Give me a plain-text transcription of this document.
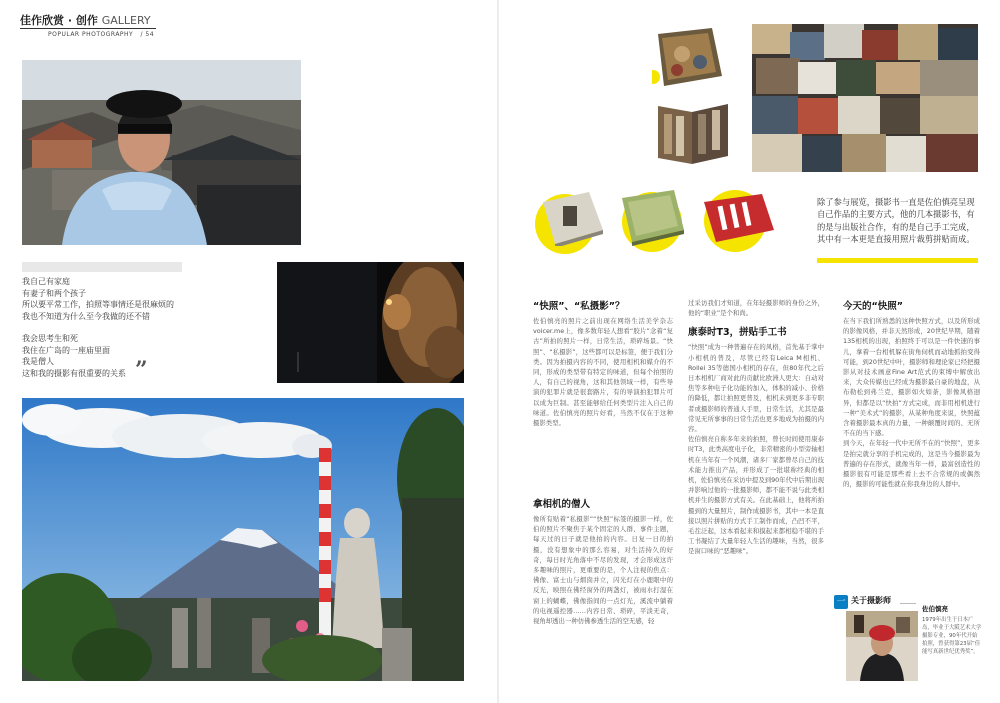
佳作欣赏 · 创作 GALLERY
POPULAR PHOTOGRAPHY / 54

我自己有家庭

有妻子和两个孩子

所以要平常工作，拍照等事情还是很麻烦的

我也不知道为什么至今我做的还不错

我会思考生和死

我住在广岛的一座庙里面

我是僧人

这和我的摄影有很重要的关系 ”
除了参与展览，摄影书一直是佐伯慎亮呈现自己作品的主要方式，他的几本摄影书，有的是与出版社合作，有的是自己手工完成，其中有一本更是直接用照片裁剪拼贴而成。
“快照”、“私摄影”？
佐伯慎亮的照片之前出现在网络生活美学杂志voicer.me上，像多数年轻人想看“胶片”念着“复古”所拍的照片一样，日常生活，琐碎场景。“快照”、“私摄影”，这些都可以是标签，便于我们分类。因为拍摄内容的不同，使用相机和媒介的不同，形成的类型带有特定的味道，但每个拍照的人，有自己的视角，这和其他领域一样，有些导演的犯罪片就是很套路片，有的导演拍犯罪片可以成为巨制。甚至能够给任何类型片注入自己的味道。佐伯慎亮的照片好看，当然不仅在于这种摄影类型。
拿相机的僧人
像所有贴着“私摄影”“快照”标签的摄影一样，佐伯的照片不聚焦于某个固定的人群、事件主题，每天过的日子就是他拍的内容。日复一日的拍摄，没有想象中的那么容易，对生活持久的好奇，每日时光角落中不尽的发现，才会形成这许多趣味的照片，更重要的是，个人注视的焦点：佛像、富士山与烟囱并立，闪光灯在小鹿眼中的反光，映照在佛经窗外的两盏灯，被雨水打湿在窗上的蝴蝶，佛像指间的一点灯光，溪流中躺着的电视遥控器……内容日常、琐碎，平淡无奇，视角却透出一种仿佛参透生活的空无感，轻
过采访我们才知道，在年轻摄影师的身份之外，他的“职业”是个和尚。
康泰时T3，拼贴手工书
“快照”成为一种普遍存在的风格，首先基于掌中小相机的普及，尽管已经有Leica M相机、Rollei 35等德国小相机的存在，但80年代之后日本相机厂商对此的贡献比欧洲人更大：自动对焦等多种电子化功能的加入，体积的减小、价格的降低，都让拍照更普及，相机未到更多非专职者或摄影师的普通人手里，日常生活，尤其是最常见无所事事的日常生活也更多地成为拍摄的内容。
佐伯慎亮自称多年来的拍照，曾长时间使用康泰时T3，此类高度电子化，非常精密的小型旁轴相机在当年有一个风潮，诸多厂家都曾尽自己的技术能力推出产品，并形成了一批堪称经典的相机，佐伯慎亮在采访中提及到90年代中后期出现并影响过他的一批摄影师，都不能不说与此类相机并生的摄影方式有关。在此基础上，他将所拍摄到的大量照片，制作成摄影书，其中一本是直接以照片拼贴的方式手工制作而成，凸凹不平，毛茬泛起，这本看起来和摸起来都相稳不堪的手工书凝结了大量年轻人生活的趣味，当然，很多是窗口味的“恶趣味”。
今天的“快照”
在当下我们所熟悉的这种快照方式，以及所形成的影像风格，并非天然形成，20世纪早期，随着135相机的出现，拍照终于可以是一件快速的事儿，拿着一台相机躲在街角伺机而动地抓拍变得可能，到20世纪中叶，摄影师和理论家已经把摄影从对技术画意Fine Art范式的束缚中解放出来，大众传媒也已经成为摄影最自豪的地盘，从布勒松到弗兰克，摄影如火如荼，影像风格迥异，但都是以“快拍”方式完成，而非用相机进行一种“美术式”的摄影，从某种角度来说，快照蕴含着摄影最本真的力量，一种颠覆时间的、无所不在的当下感。
到今天，在年轻一代中无所不在的“快照”，更多是拍完就分享的手机完成的，这是当今摄影最为普遍的存在形式，就像当年一样，最富创造性的摄影很有可能是那些看上去不合常规的或偶然的，摄影的可能性就在你我身边的人群中。
一 关于摄影师
佐伯慎亮
1979年出生于日本广岛，毕业于大阪艺术大学摄影专业，90年代开始拍照，曾获得第23届“佳能写真新世纪优秀奖”。
